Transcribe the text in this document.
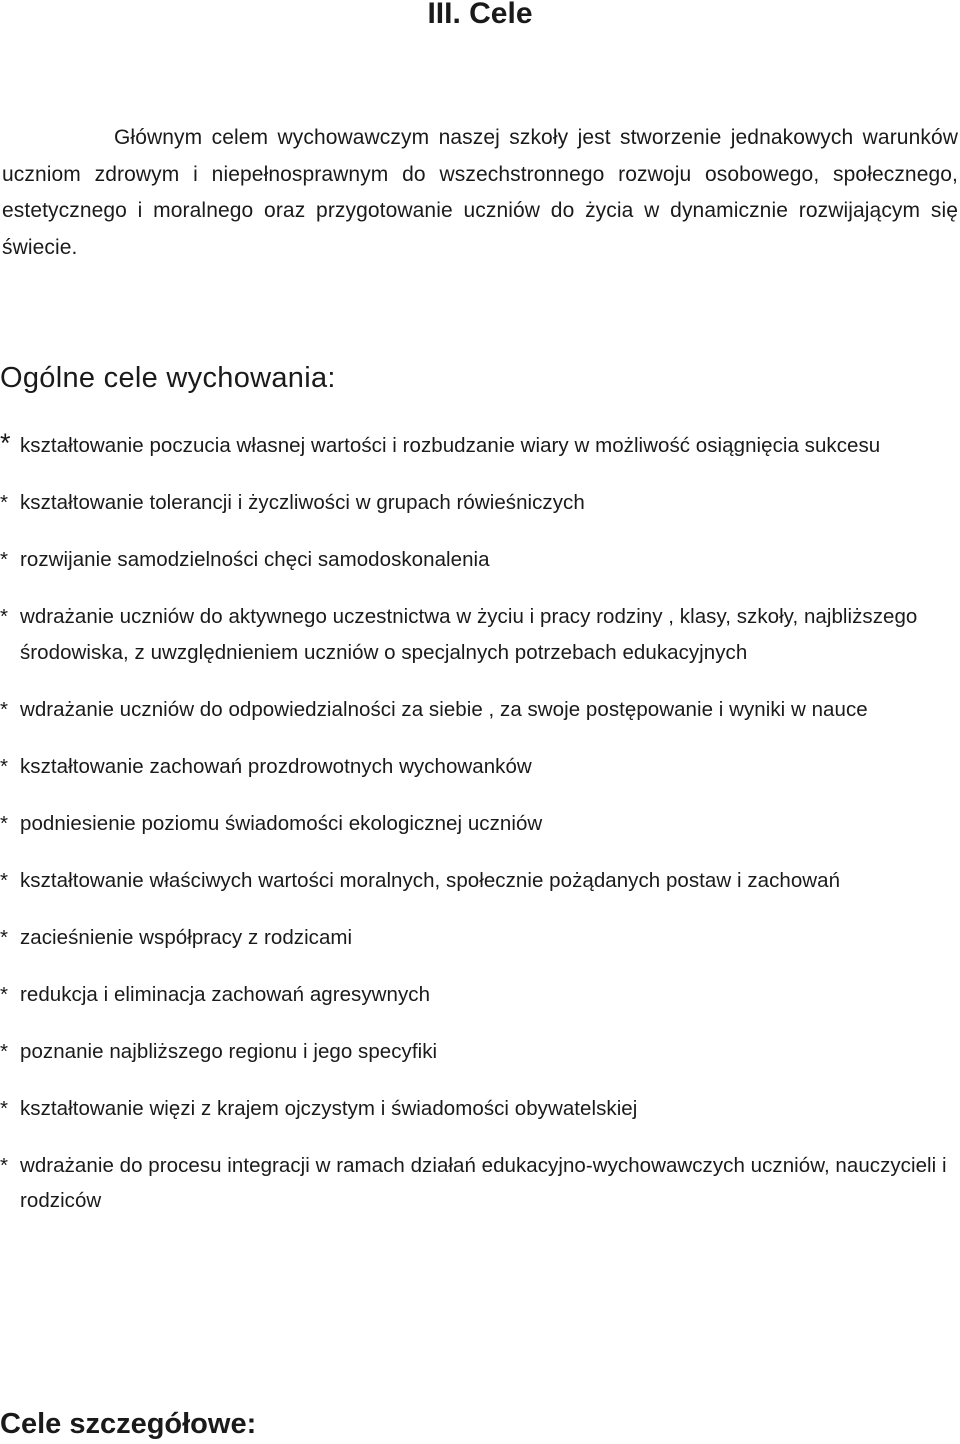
III. Cele

Głównym celem wychowawczym naszej szkoły jest stworzenie jednakowych warunków uczniom zdrowym i niepełnosprawnym do wszechstronnego rozwoju osobowego, społecznego, estetycznego i moralnego oraz przygotowanie uczniów do życia w dynamicznie rozwijającym się świecie.

Ogólne cele wychowania:
* kształtowanie poczucia własnej wartości i rozbudzanie wiary w możliwość osiągnięcia sukcesu
* kształtowanie tolerancji i życzliwości w grupach rówieśniczych
* rozwijanie samodzielności chęci samodoskonalenia
* wdrażanie uczniów do aktywnego uczestnictwa w życiu i pracy rodziny , klasy, szkoły, najbliższego środowiska, z uwzględnieniem uczniów o specjalnych potrzebach edukacyjnych
* wdrażanie uczniów do odpowiedzialności za siebie , za swoje postępowanie i wyniki w nauce
* kształtowanie zachowań prozdrowotnych wychowanków
* podniesienie poziomu świadomości ekologicznej uczniów
* kształtowanie właściwych wartości moralnych, społecznie pożądanych postaw i zachowań
* zacieśnienie współpracy z rodzicami
* redukcja i eliminacja zachowań agresywnych
* poznanie najbliższego regionu i jego specyfiki
* kształtowanie więzi z krajem ojczystym i świadomości obywatelskiej
* wdrażanie do procesu integracji w ramach działań edukacyjno-wychowawczych uczniów, nauczycieli i rodziców
Cele szczegółowe:
